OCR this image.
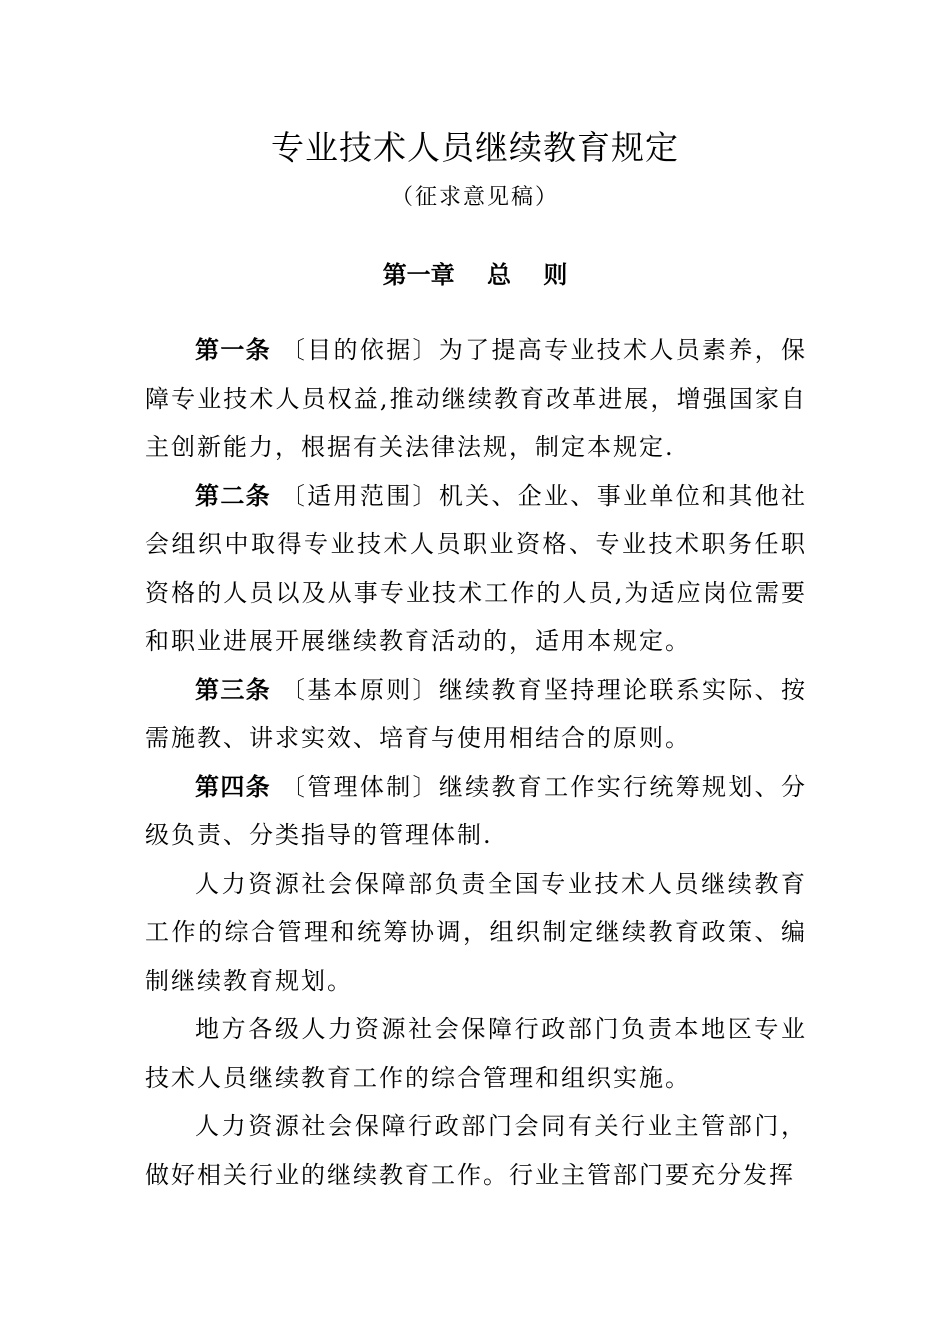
专业技术人员继续教育规定
（征求意见稿）
第一章　 总　 则

第一条 〔目的依据〕为了提高专业技术人员素养，保障专业技术人员权益,推动继续教育改革进展，增强国家自主创新能力，根据有关法律法规，制定本规定.

第二条 〔适用范围〕机关、企业、事业单位和其他社会组织中取得专业技术人员职业资格、专业技术职务任职资格的人员以及从事专业技术工作的人员,为适应岗位需要和职业进展开展继续教育活动的，适用本规定。

第三条 〔基本原则〕继续教育坚持理论联系实际、按需施教、讲求实效、培育与使用相结合的原则。

第四条 〔管理体制〕继续教育工作实行统筹规划、分级负责、分类指导的管理体制.

人力资源社会保障部负责全国专业技术人员继续教育工作的综合管理和统筹协调，组织制定继续教育政策、编制继续教育规划。

地方各级人力资源社会保障行政部门负责本地区专业技术人员继续教育工作的综合管理和组织实施。

人力资源社会保障行政部门会同有关行业主管部门，做好相关行业的继续教育工作。行业主管部门要充分发挥
